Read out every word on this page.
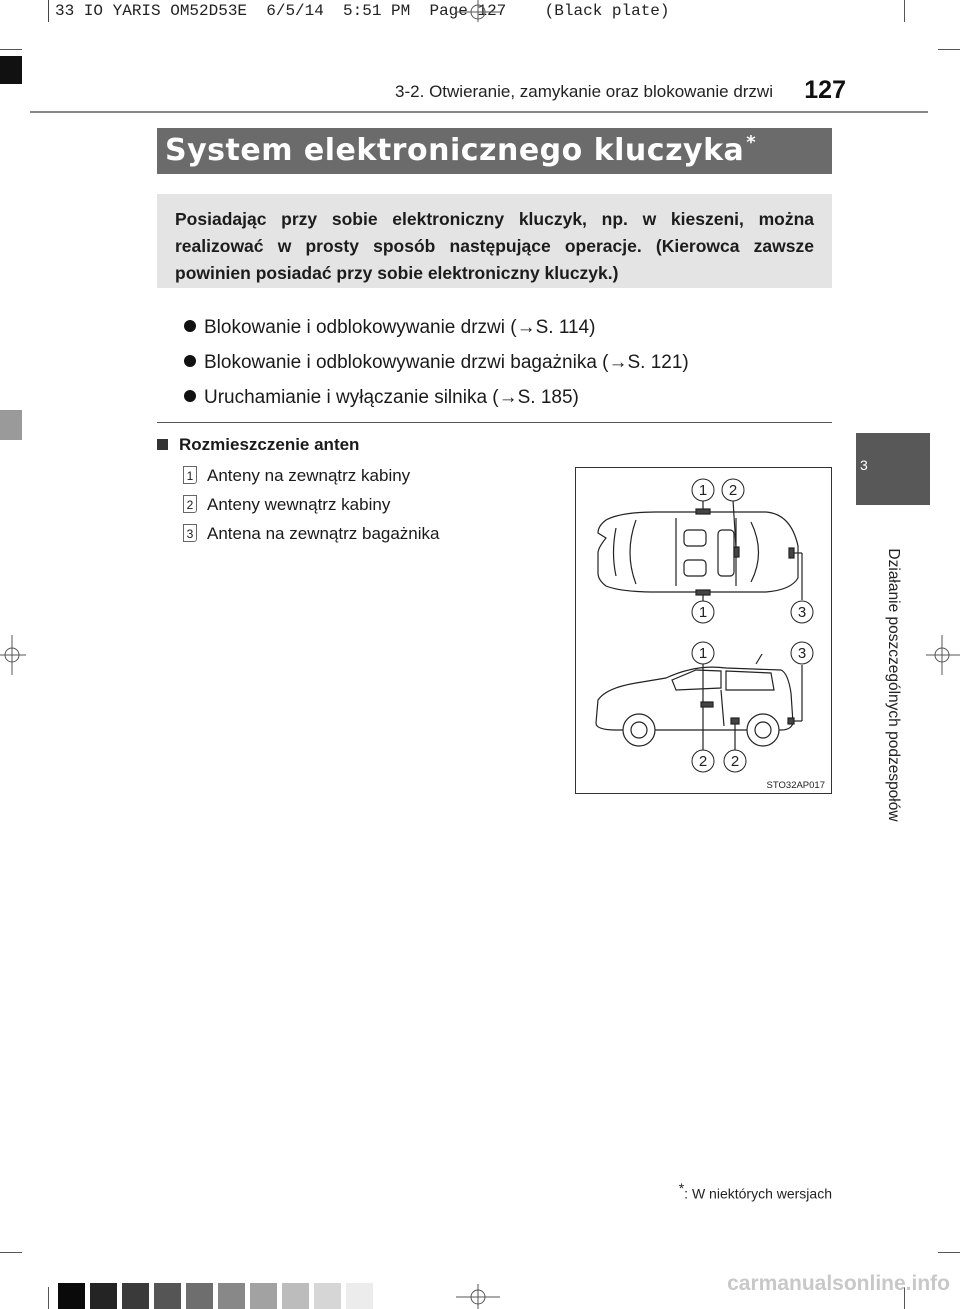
33 IO YARIS OM52D53E  6/5/14  5:51 PM  Page 127    (Black plate)
3-2. Otwieranie, zamykanie oraz blokowanie drzwi 127
3
Działanie poszczególnych podzespołów
System elektronicznego kluczyka *
Posiadając przy sobie elektroniczny kluczyk, np. w kieszeni, można realizować w prosty sposób następujące operacje. (Kierowca zawsze powinien posiadać przy sobie elektroniczny kluczyk.)
Blokowanie i odblokowywanie drzwi (→S. 114)
Blokowanie i odblokowywanie drzwi bagażnika (→S. 121)
Uruchamianie i wyłączanie silnika (→S. 185)
Rozmieszczenie anten

1 Anteny na zewnątrz kabiny

2 Anteny wewnątrz kabiny

3 Antena na zewnątrz bagażnika

1 2
1	3
1	3
2 2
STO32AP017
*: W niektórych wersjach
carmanualsonline.info
